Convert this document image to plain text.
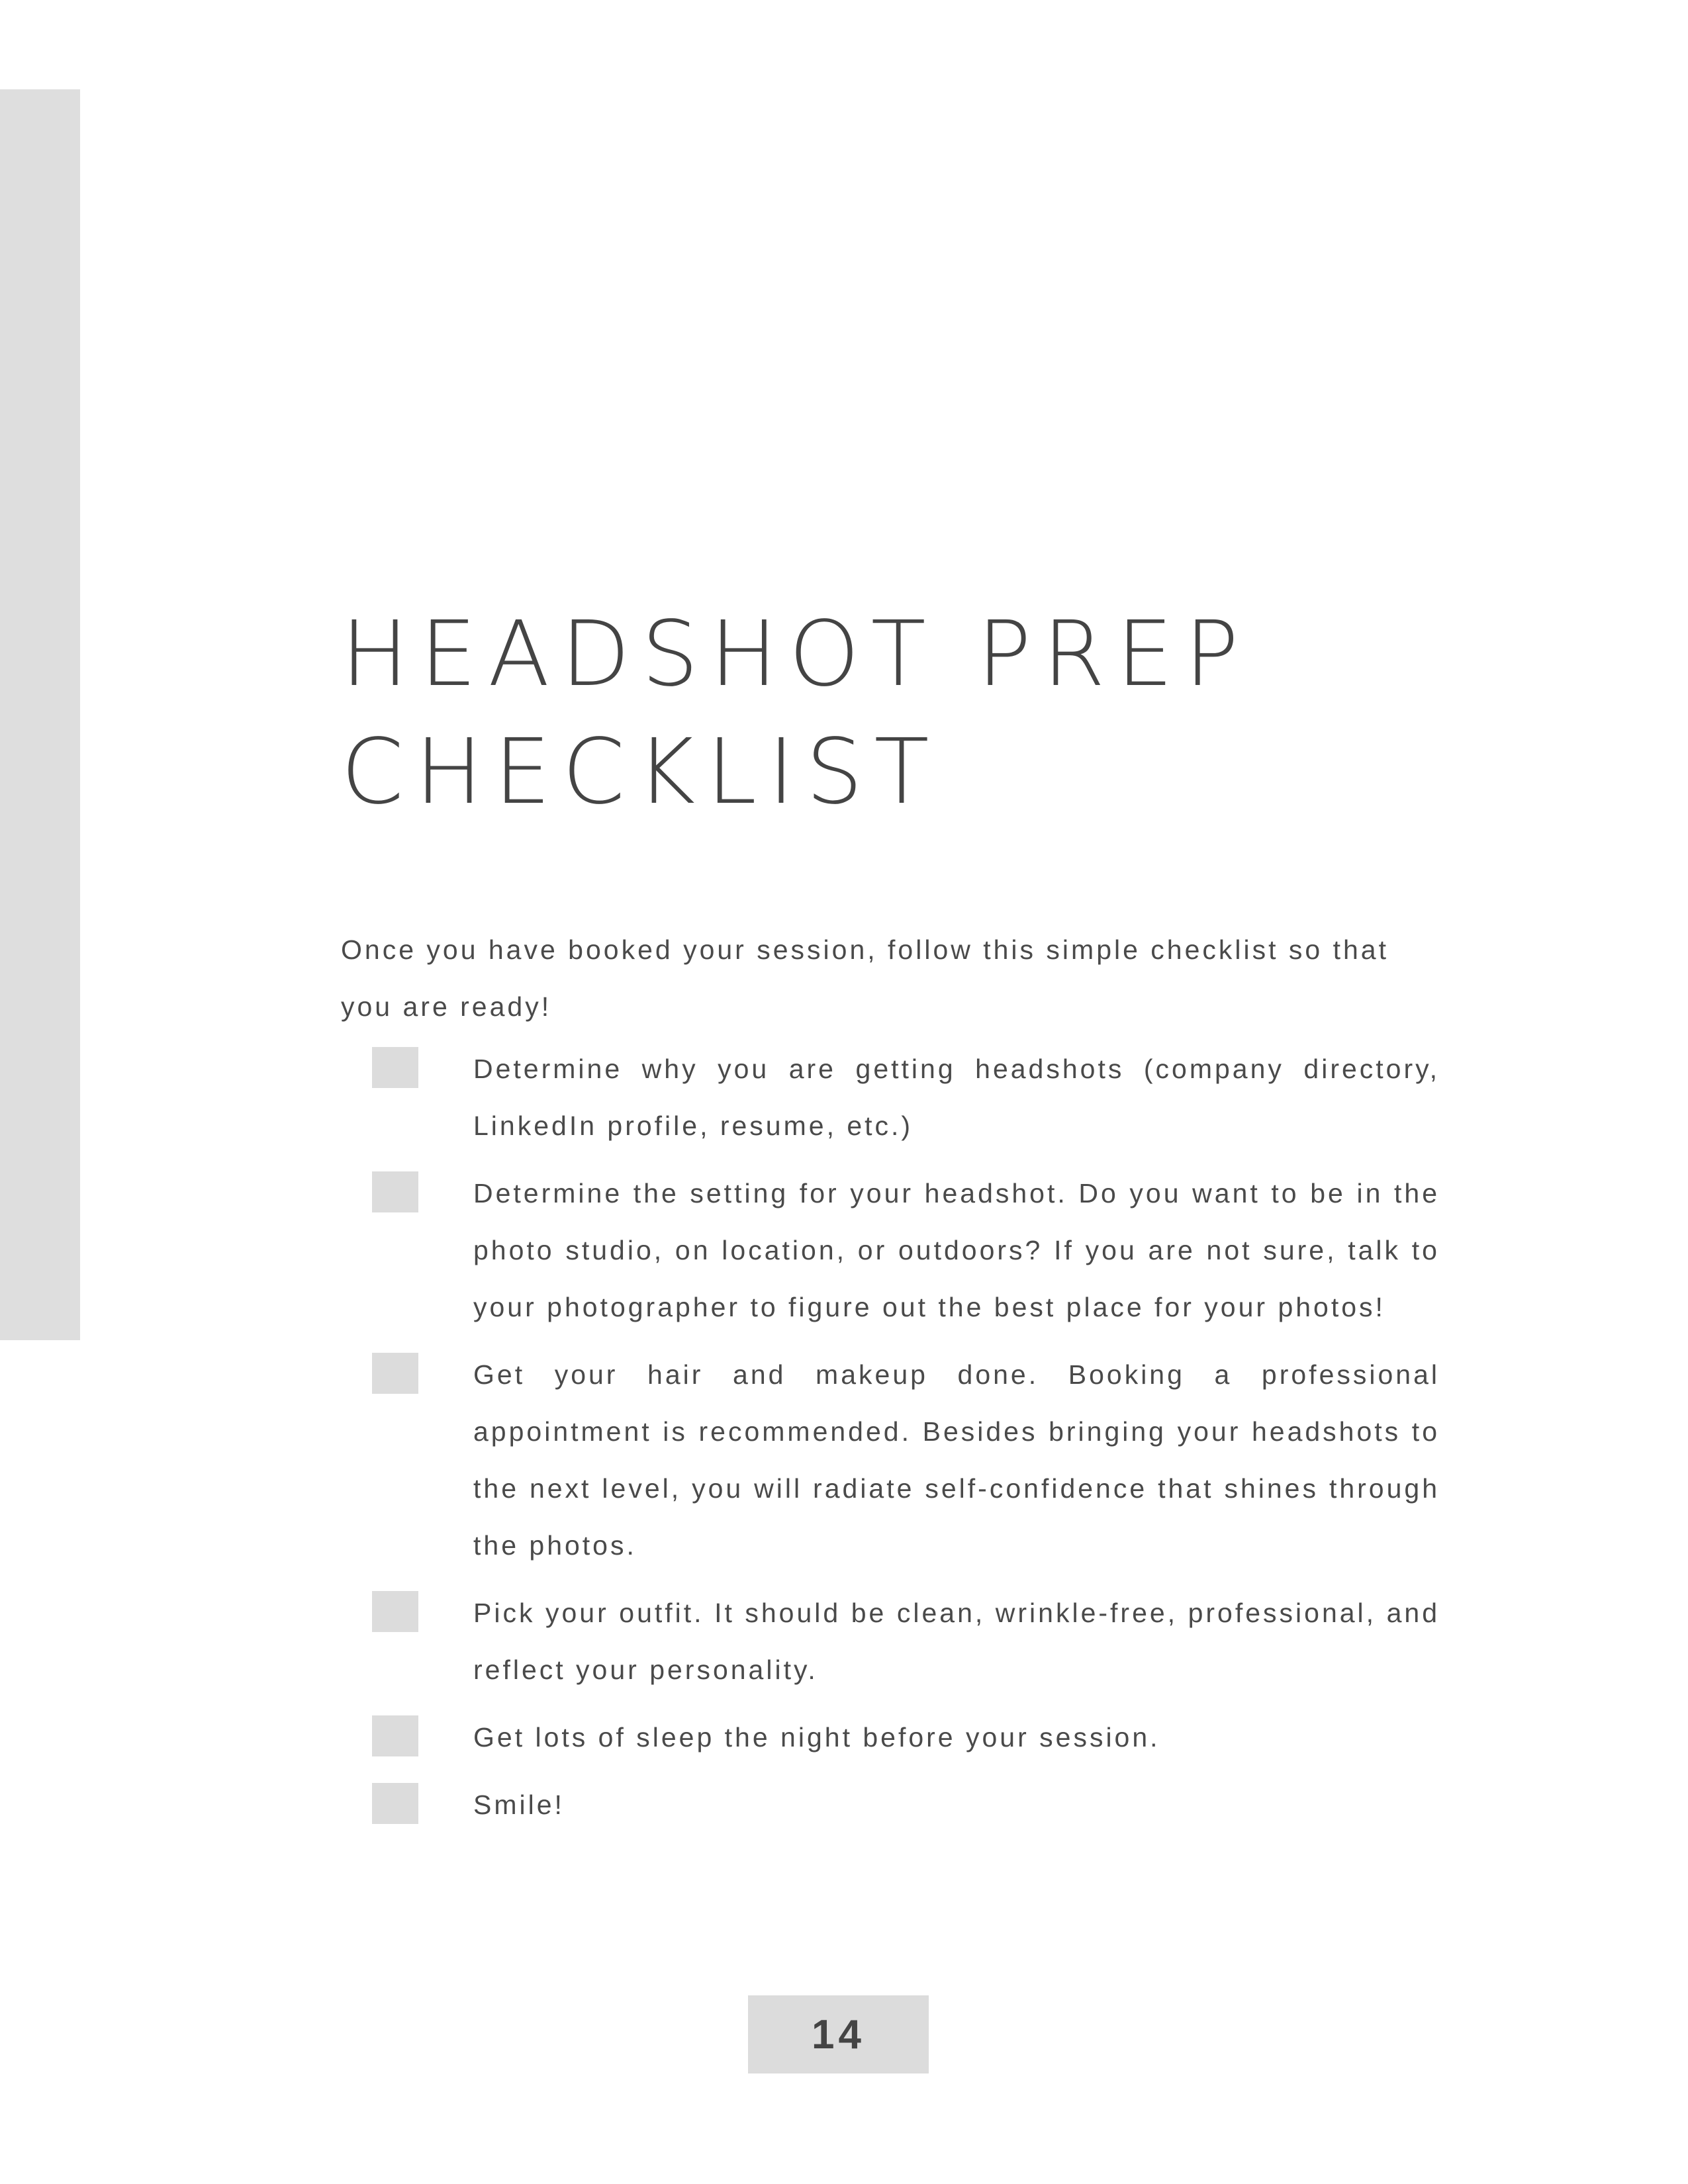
HEADSHOT PREP
CHECKLIST

Once you have booked your session, follow this simple checklist so that you are ready!

Determine why you are getting headshots (company directory, LinkedIn profile, resume, etc.)
Determine the setting for your headshot. Do you want to be in the photo studio, on location, or outdoors? If you are not sure, talk to your photographer to figure out the best place for your photos!
Get your hair and makeup done. Booking a professional appointment is recommended. Besides bringing your headshots to the next level, you will radiate self-confidence that shines through the photos.
Pick your outfit. It should be clean, wrinkle-free, professional, and reflect your personality.
Get lots of sleep the night before your session.
Smile!
14
